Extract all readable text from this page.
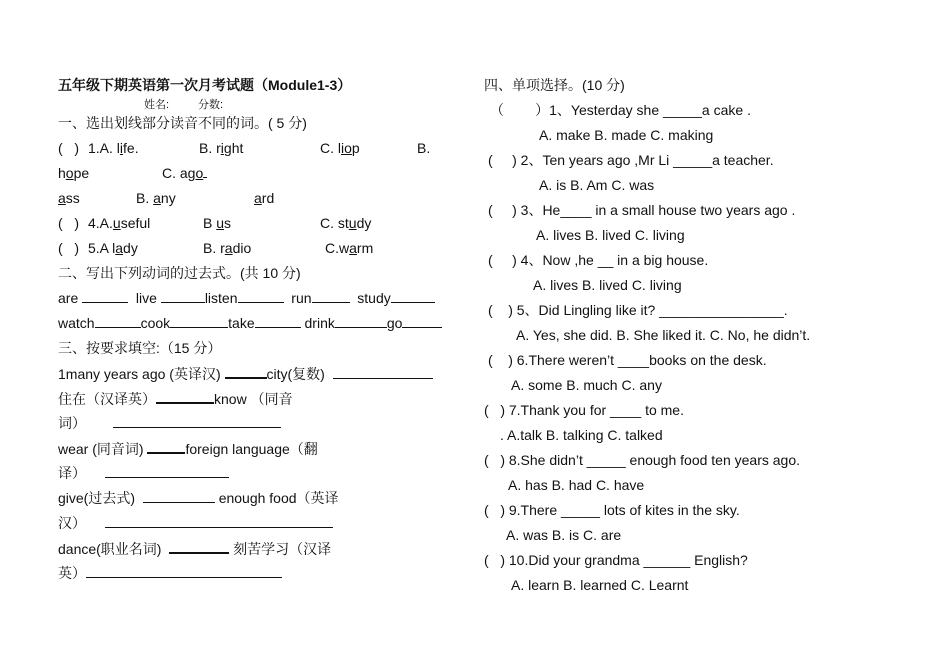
五年级下期英语第一次月考试题（Module1-3）
姓名:	分数:
一、选出划线部分读音不同的词。( 5 分)
(   ) 1.A. life.	B. right	C. liop	B.
hope	C. ago
ass	B. any	ard
(   ) 4.A.useful	B us	C. study
(   ) 5.A lady	B. radio	C.warm
二、写出下列动词的过去式。(共 10 分)
are	live	listen	run	study
watch	cook	take	drink	go
三、按要求填空:（15 分）
1many years ago (英译汉)	city(复数)
住在（汉译英）	know （同音
词）
wear (同音词)	foreign language（翻
译）
give(过去式)	enough food（英译
汉）
dance(职业名词)	刻苦学习（汉译
英）
四、单项选择。(10 分)
（        ）1、Yesterday she _____a cake .
A. make B. made C. making
(     ) 2、Ten years ago ,Mr Li _____a teacher.
A. is B. Am C. was
(     ) 3、He____ in a small house two years ago .
A. lives B. lived C. living
(     ) 4、Now ,he __ in a big house.
A. lives B. lived C. living
(    ) 5、Did Lingling like it? ________________.
A. Yes, she did. B. She liked it. C. No, he didn’t.
(    ) 6.There weren’t ____books on the desk.
A. some B. much C. any
(   ) 7.Thank you for ____ to me.
. A.talk B. talking C. talked
(   ) 8.She didn’t _____ enough food ten years ago.
A. has B. had C. have
(   ) 9.There _____ lots of kites in the sky.
A. was B. is C. are
(   ) 10.Did your grandma ______ English?
A. learn B. learned C. Learnt
